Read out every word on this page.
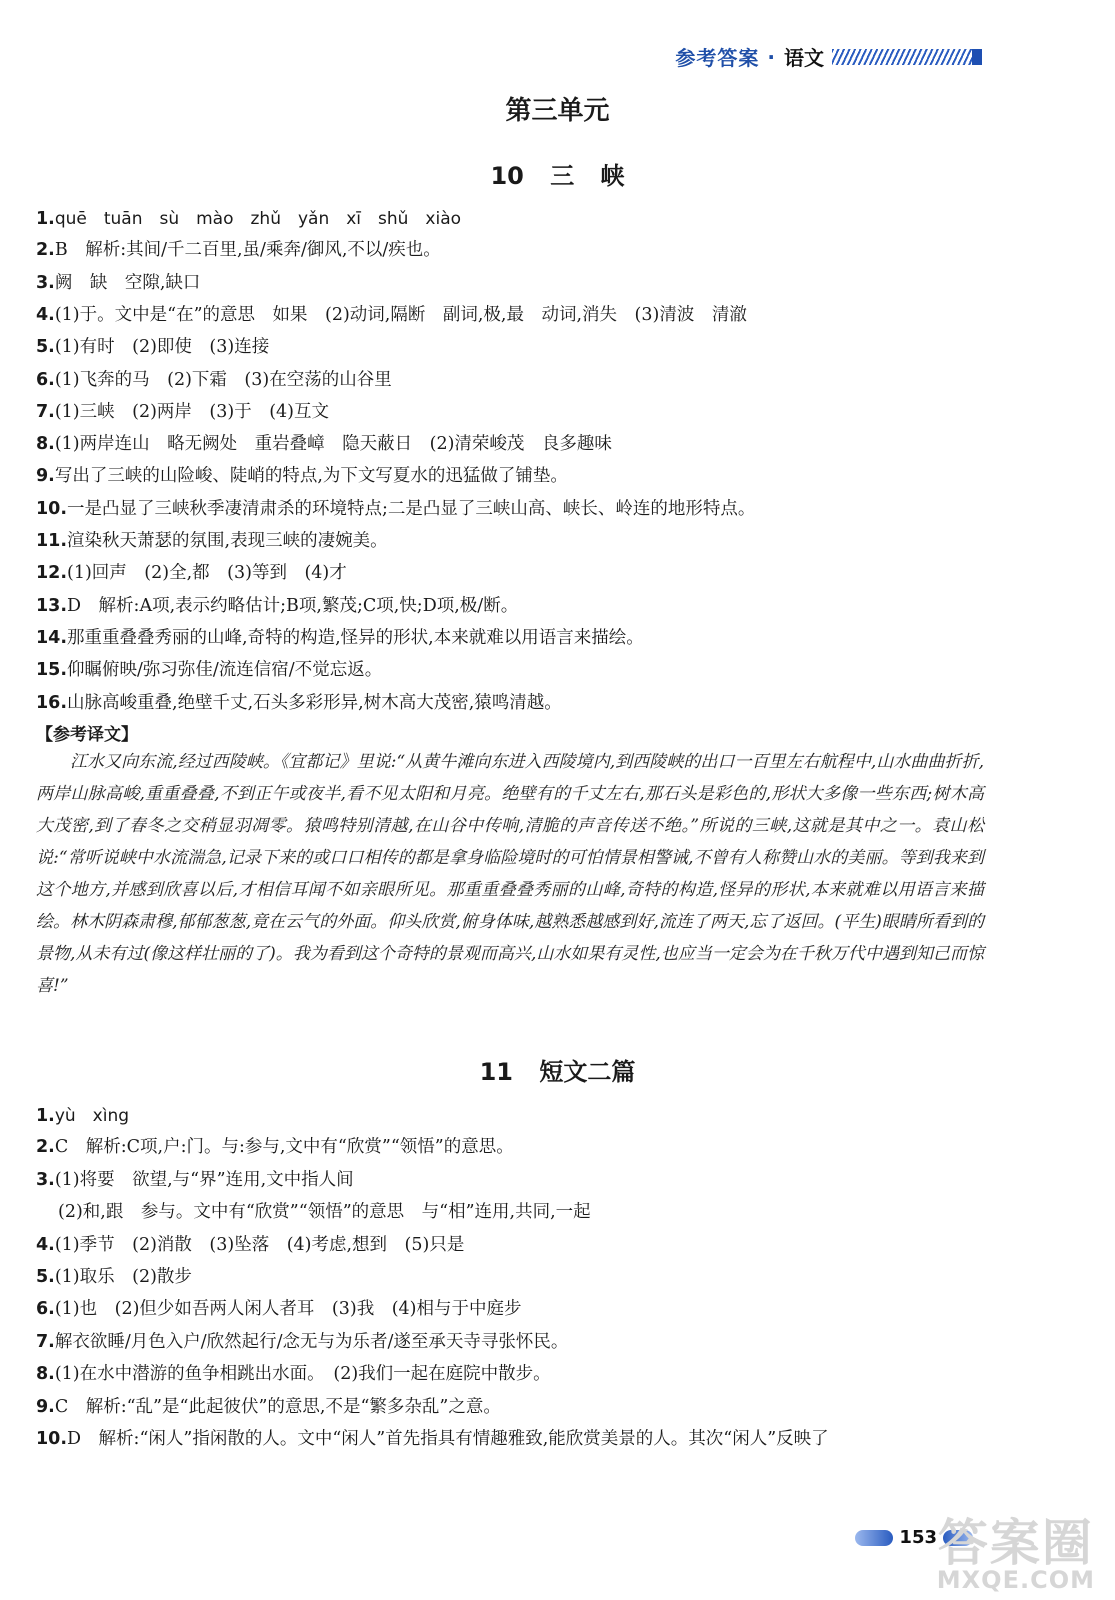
参考答案 · 语文
第三单元
10 三 峡
1.quē　tuān　sù　mào　zhǔ　yǎn　xī　shǔ　xiào
2.B　解析:其间/千二百里,虽/乘奔/御风,不以/疾也。
3.阙　缺　空隙,缺口
4.(1)于。文中是“在”的意思　如果　(2)动词,隔断　副词,极,最　动词,消失　(3)清波　清澈
5.(1)有时　(2)即使　(3)连接
6.(1)飞奔的马　(2)下霜　(3)在空荡的山谷里
7.(1)三峡　(2)两岸　(3)于　(4)互文
8.(1)两岸连山　略无阙处　重岩叠嶂　隐天蔽日　(2)清荣峻茂　良多趣味
9.写出了三峡的山险峻、陡峭的特点,为下文写夏水的迅猛做了铺垫。
10.一是凸显了三峡秋季凄清肃杀的环境特点;二是凸显了三峡山高、峡长、岭连的地形特点。
11.渲染秋天萧瑟的氛围,表现三峡的凄婉美。
12.(1)回声　(2)全,都　(3)等到　(4)才
13.D　解析:A项,表示约略估计;B项,繁茂;C项,快;D项,极/断。
14.那重重叠叠秀丽的山峰,奇特的构造,怪异的形状,本来就难以用语言来描绘。
15.仰瞩俯映/弥习弥佳/流连信宿/不觉忘返。
16.山脉高峻重叠,绝壁千丈,石头多彩形异,树木高大茂密,猿鸣清越。
【参考译文】
江水又向东流,经过西陵峡。《宜都记》里说:“从黄牛滩向东进入西陵境内,到西陵峡的出口一百里左右航程中,山水曲曲折折,两岸山脉高峻,重重叠叠,不到正午或夜半,看不见太阳和月亮。绝壁有的千丈左右,那石头是彩色的,形状大多像一些东西;树木高大茂密,到了春冬之交稍显羽凋零。猿鸣特别清越,在山谷中传响,清脆的声音传送不绝。”所说的三峡,这就是其中之一。袁山松说:“常听说峡中水流湍急,记录下来的或口口相传的都是拿身临险境时的可怕情景相警诫,不曾有人称赞山水的美丽。等到我来到这个地方,并感到欣喜以后,才相信耳闻不如亲眼所见。那重重叠叠秀丽的山峰,奇特的构造,怪异的形状,本来就难以用语言来描绘。林木阴森肃穆,郁郁葱葱,竟在云气的外面。仰头欣赏,俯身体味,越熟悉越感到好,流连了两天,忘了返回。(平生)眼睛所看到的景物,从未有过(像这样壮丽的了)。我为看到这个奇特的景观而高兴,山水如果有灵性,也应当一定会为在千秋万代中遇到知己而惊喜!”
11 短文二篇
1.yù　xìng
2.C　解析:C项,户:门。与:参与,文中有“欣赏”“领悟”的意思。
3.(1)将要　欲望,与“界”连用,文中指人间
(2)和,跟　参与。文中有“欣赏”“领悟”的意思　与“相”连用,共同,一起
4.(1)季节　(2)消散　(3)坠落　(4)考虑,想到　(5)只是
5.(1)取乐　(2)散步
6.(1)也　(2)但少如吾两人闲人者耳　(3)我　(4)相与于中庭步
7.解衣欲睡/月色入户/欣然起行/念无与为乐者/遂至承天寺寻张怀民。
8.(1)在水中潜游的鱼争相跳出水面。　(2)我们一起在庭院中散步。
9.C　解析:“乱”是“此起彼伏”的意思,不是“繁多杂乱”之意。
10.D　解析:“闲人”指闲散的人。文中“闲人”首先指具有情趣雅致,能欣赏美景的人。其次“闲人”反映了
153 答案圈
MXQE.COM
